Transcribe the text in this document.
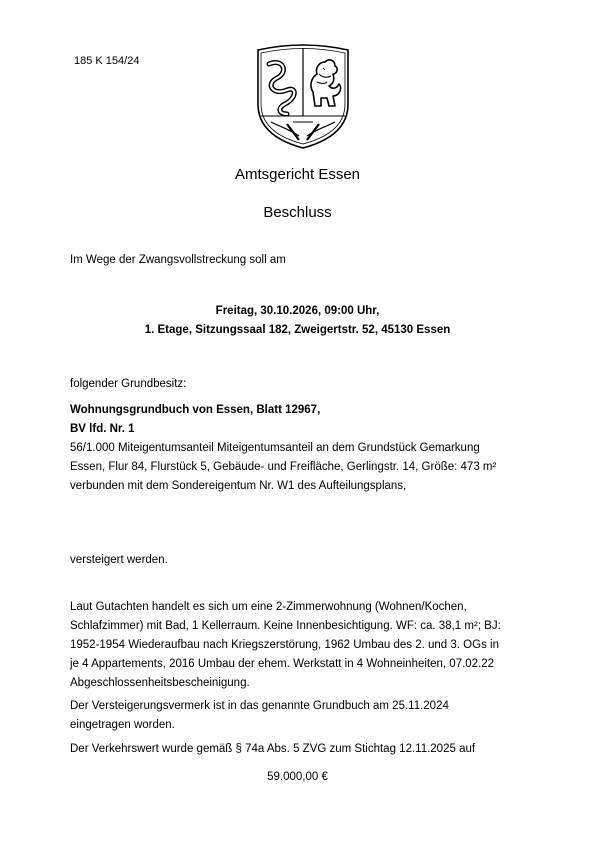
185 K 154/24
Amtsgericht Essen
Beschluss

Im Wege der Zwangsvollstreckung soll am

Freitag, 30.10.2026, 09:00 Uhr,
1. Etage, Sitzungssaal 182, Zweigertstr. 52, 45130 Essen

folgender Grundbesitz:

Wohnungsgrundbuch von Essen, Blatt 12967,

BV lfd. Nr. 1

56/1.000 Miteigentumsanteil Miteigentumsanteil an dem Grundstück Gemarkung
Essen, Flur 84, Flurstück 5, Gebäude- und Freifläche, Gerlingstr. 14, Größe: 473 m²
verbunden mit dem Sondereigentum Nr. W1 des Aufteilungsplans,

versteigert werden.

Laut Gutachten handelt es sich um eine 2-Zimmerwohnung (Wohnen/Kochen,
Schlafzimmer) mit Bad, 1 Kellerraum. Keine Innenbesichtigung. WF: ca. 38,1 m²; BJ:
1952-1954 Wiederaufbau nach Kriegszerstörung, 1962 Umbau des 2. und 3. OGs in
je 4 Appartements, 2016 Umbau der ehem. Werkstatt in 4 Wohneinheiten, 07.02.22
Abgeschlossenheitsbescheinigung.
Der Versteigerungsvermerk ist in das genannte Grundbuch am 25.11.2024
eingetragen worden.

Der Verkehrswert wurde gemäß § 74a Abs. 5 ZVG zum Stichtag 12.11.2025 auf

59.000,00 €
